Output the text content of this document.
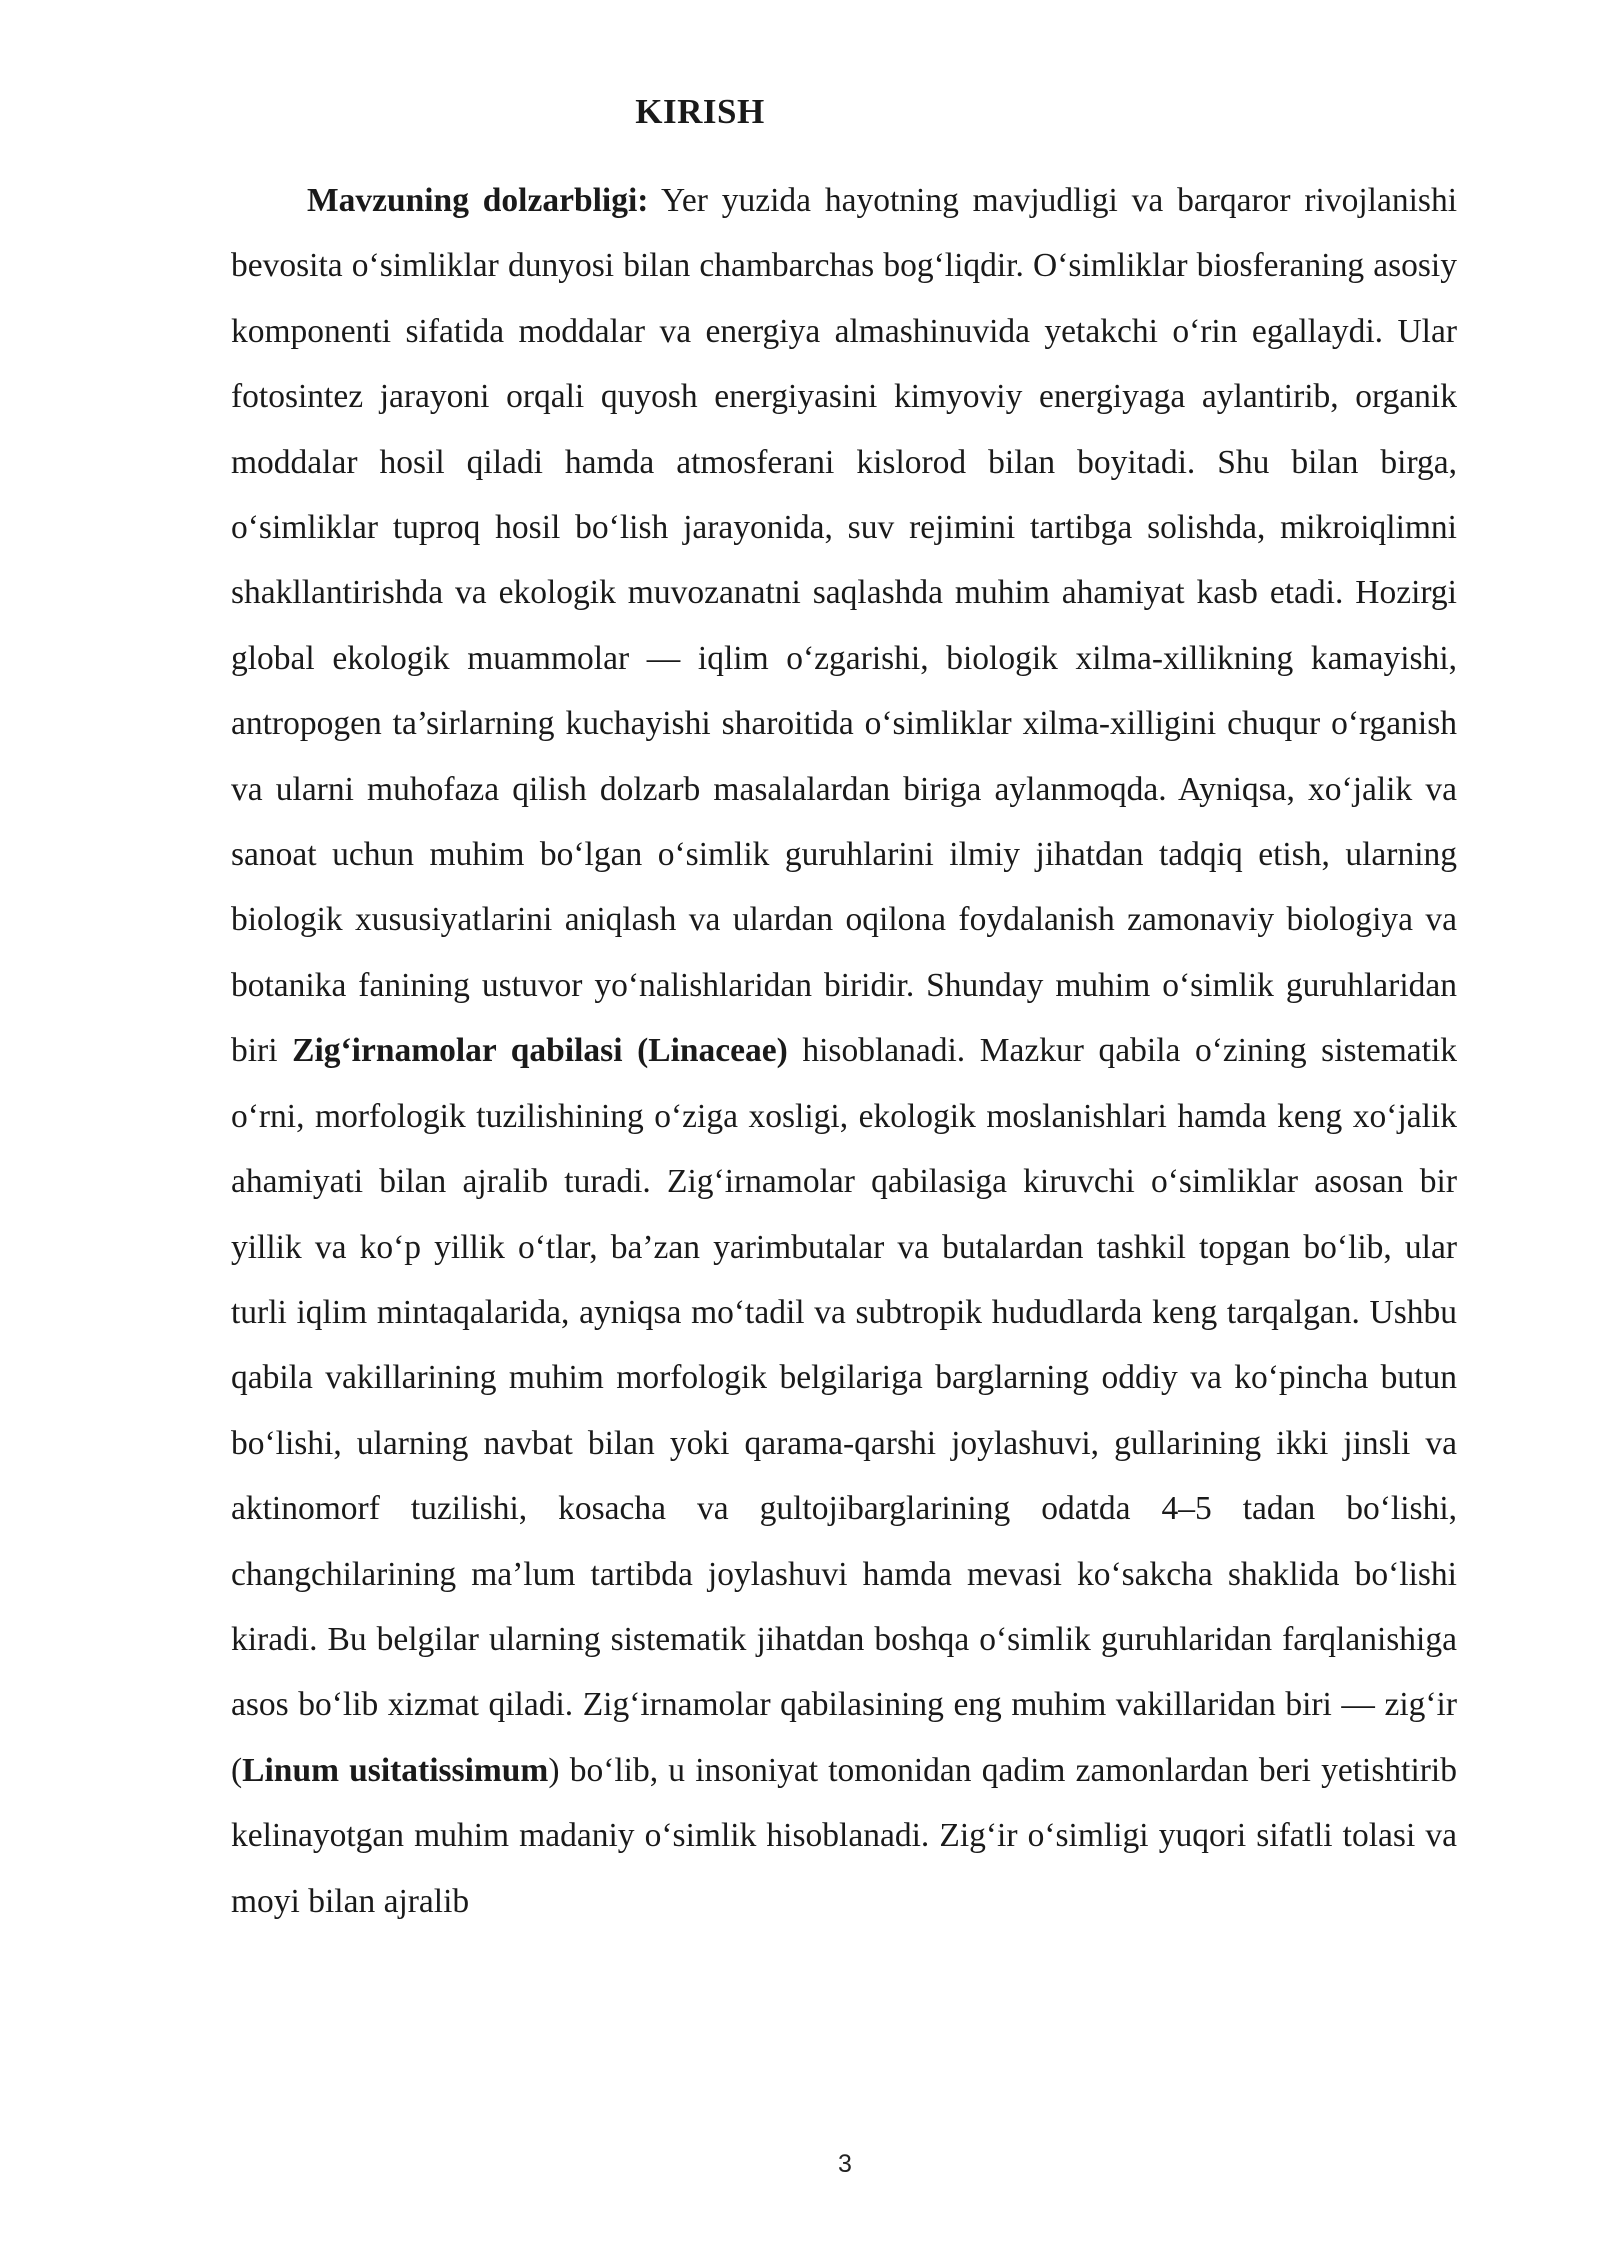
KIRISH

Mavzuning dolzarbligi: Yer yuzida hayotning mavjudligi va barqaror rivojlanishi bevosita o‘simliklar dunyosi bilan chambarchas bog‘liqdir. O‘simliklar biosferaning asosiy komponenti sifatida moddalar va energiya almashinuvida yetakchi o‘rin egallaydi. Ular fotosintez jarayoni orqali quyosh energiyasini kimyoviy energiyaga aylantirib, organik moddalar hosil qiladi hamda atmosferani kislorod bilan boyitadi. Shu bilan birga, o‘simliklar tuproq hosil bo‘lish jarayonida, suv rejimini tartibga solishda, mikroiqlimni shakllantirishda va ekologik muvozanatni saqlashda muhim ahamiyat kasb etadi. Hozirgi global ekologik muammolar — iqlim o‘zgarishi, biologik xilma-xillikning kamayishi, antropogen ta’sirlarning kuchayishi sharoitida o‘simliklar xilma-xilligini chuqur o‘rganish va ularni muhofaza qilish dolzarb masalalardan biriga aylanmoqda. Ayniqsa, xo‘jalik va sanoat uchun muhim bo‘lgan o‘simlik guruhlarini ilmiy jihatdan tadqiq etish, ularning biologik xususiyatlarini aniqlash va ulardan oqilona foydalanish zamonaviy biologiya va botanika fanining ustuvor yo‘nalishlaridan biridir. Shunday muhim o‘simlik guruhlaridan biri Zig‘irnamolar qabilasi (Linaceae) hisoblanadi. Mazkur qabila o‘zining sistematik o‘rni, morfologik tuzilishining o‘ziga xosligi, ekologik moslanishlari hamda keng xo‘jalik ahamiyati bilan ajralib turadi. Zig‘irnamolar qabilasiga kiruvchi o‘simliklar asosan bir yillik va ko‘p yillik o‘tlar, ba’zan yarimbutalar va butalardan tashkil topgan bo‘lib, ular turli iqlim mintaqalarida, ayniqsa mo‘tadil va subtropik hududlarda keng tarqalgan. Ushbu qabila vakillarining muhim morfologik belgilariga barglarning oddiy va ko‘pincha butun bo‘lishi, ularning navbat bilan yoki qarama-qarshi joylashuvi, gullarining ikki jinsli va aktinomorf tuzilishi, kosacha va gultojibarglarining odatda 4–5 tadan bo‘lishi, changchilarining ma’lum tartibda joylashuvi hamda mevasi ko‘sakcha shaklida bo‘lishi kiradi. Bu belgilar ularning sistematik jihatdan boshqa o‘simlik guruhlaridan farqlanishiga asos bo‘lib xizmat qiladi. Zig‘irnamolar qabilasining eng muhim vakillaridan biri — zig‘ir (Linum usitatissimum) bo‘lib, u insoniyat tomonidan qadim zamonlardan beri yetishtirib kelinayotgan muhim madaniy o‘simlik hisoblanadi. Zig‘ir o‘simligi yuqori sifatli tolasi va moyi bilan ajralib

3
